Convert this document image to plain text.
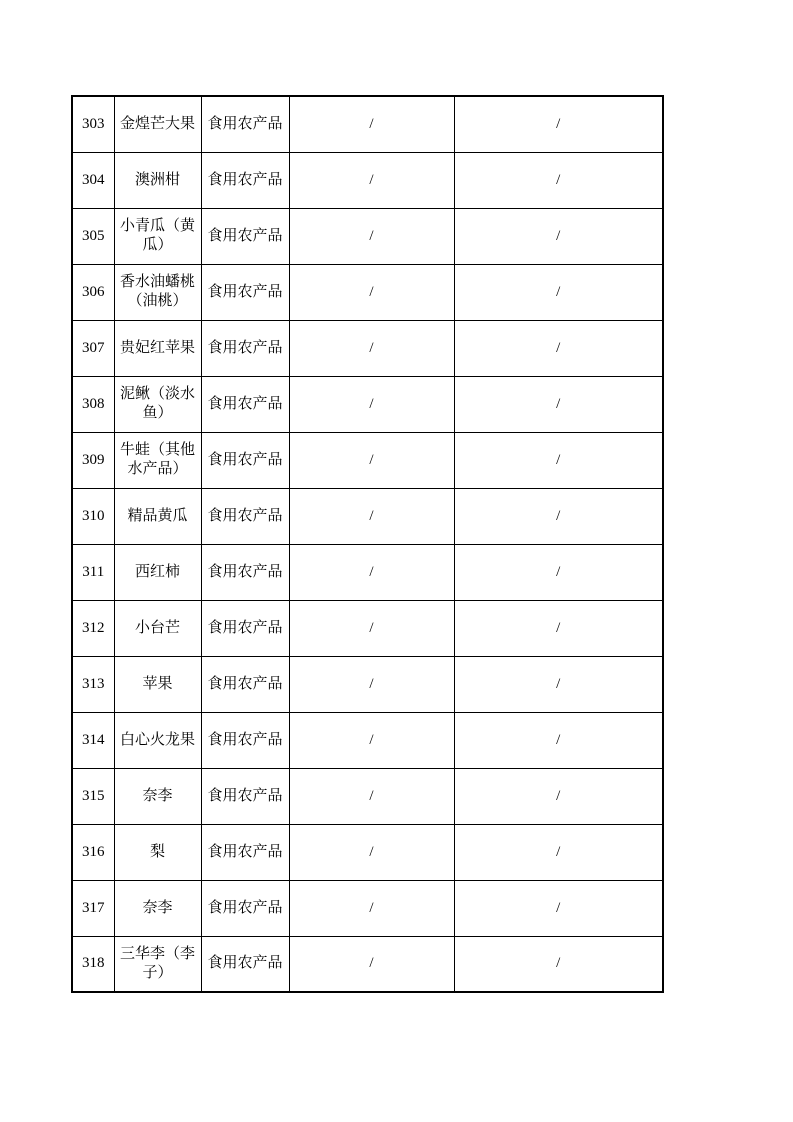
303	金煌芒大果	食用农产品	/	/
304	澳洲柑	食用农产品	/	/
305	小青瓜（黄瓜）	食用农产品	/	/
306	香水油蟠桃（油桃）	食用农产品	/	/
307	贵妃红苹果	食用农产品	/	/
308	泥鳅（淡水鱼）	食用农产品	/	/
309	牛蛙（其他水产品）	食用农产品	/	/
310	精品黄瓜	食用农产品	/	/
311	西红柿	食用农产品	/	/
312	小台芒	食用农产品	/	/
313	苹果	食用农产品	/	/
314	白心火龙果	食用农产品	/	/
315	奈李	食用农产品	/	/
316	梨	食用农产品	/	/
317	奈李	食用农产品	/	/
318	三华李（李子）	食用农产品	/	/
